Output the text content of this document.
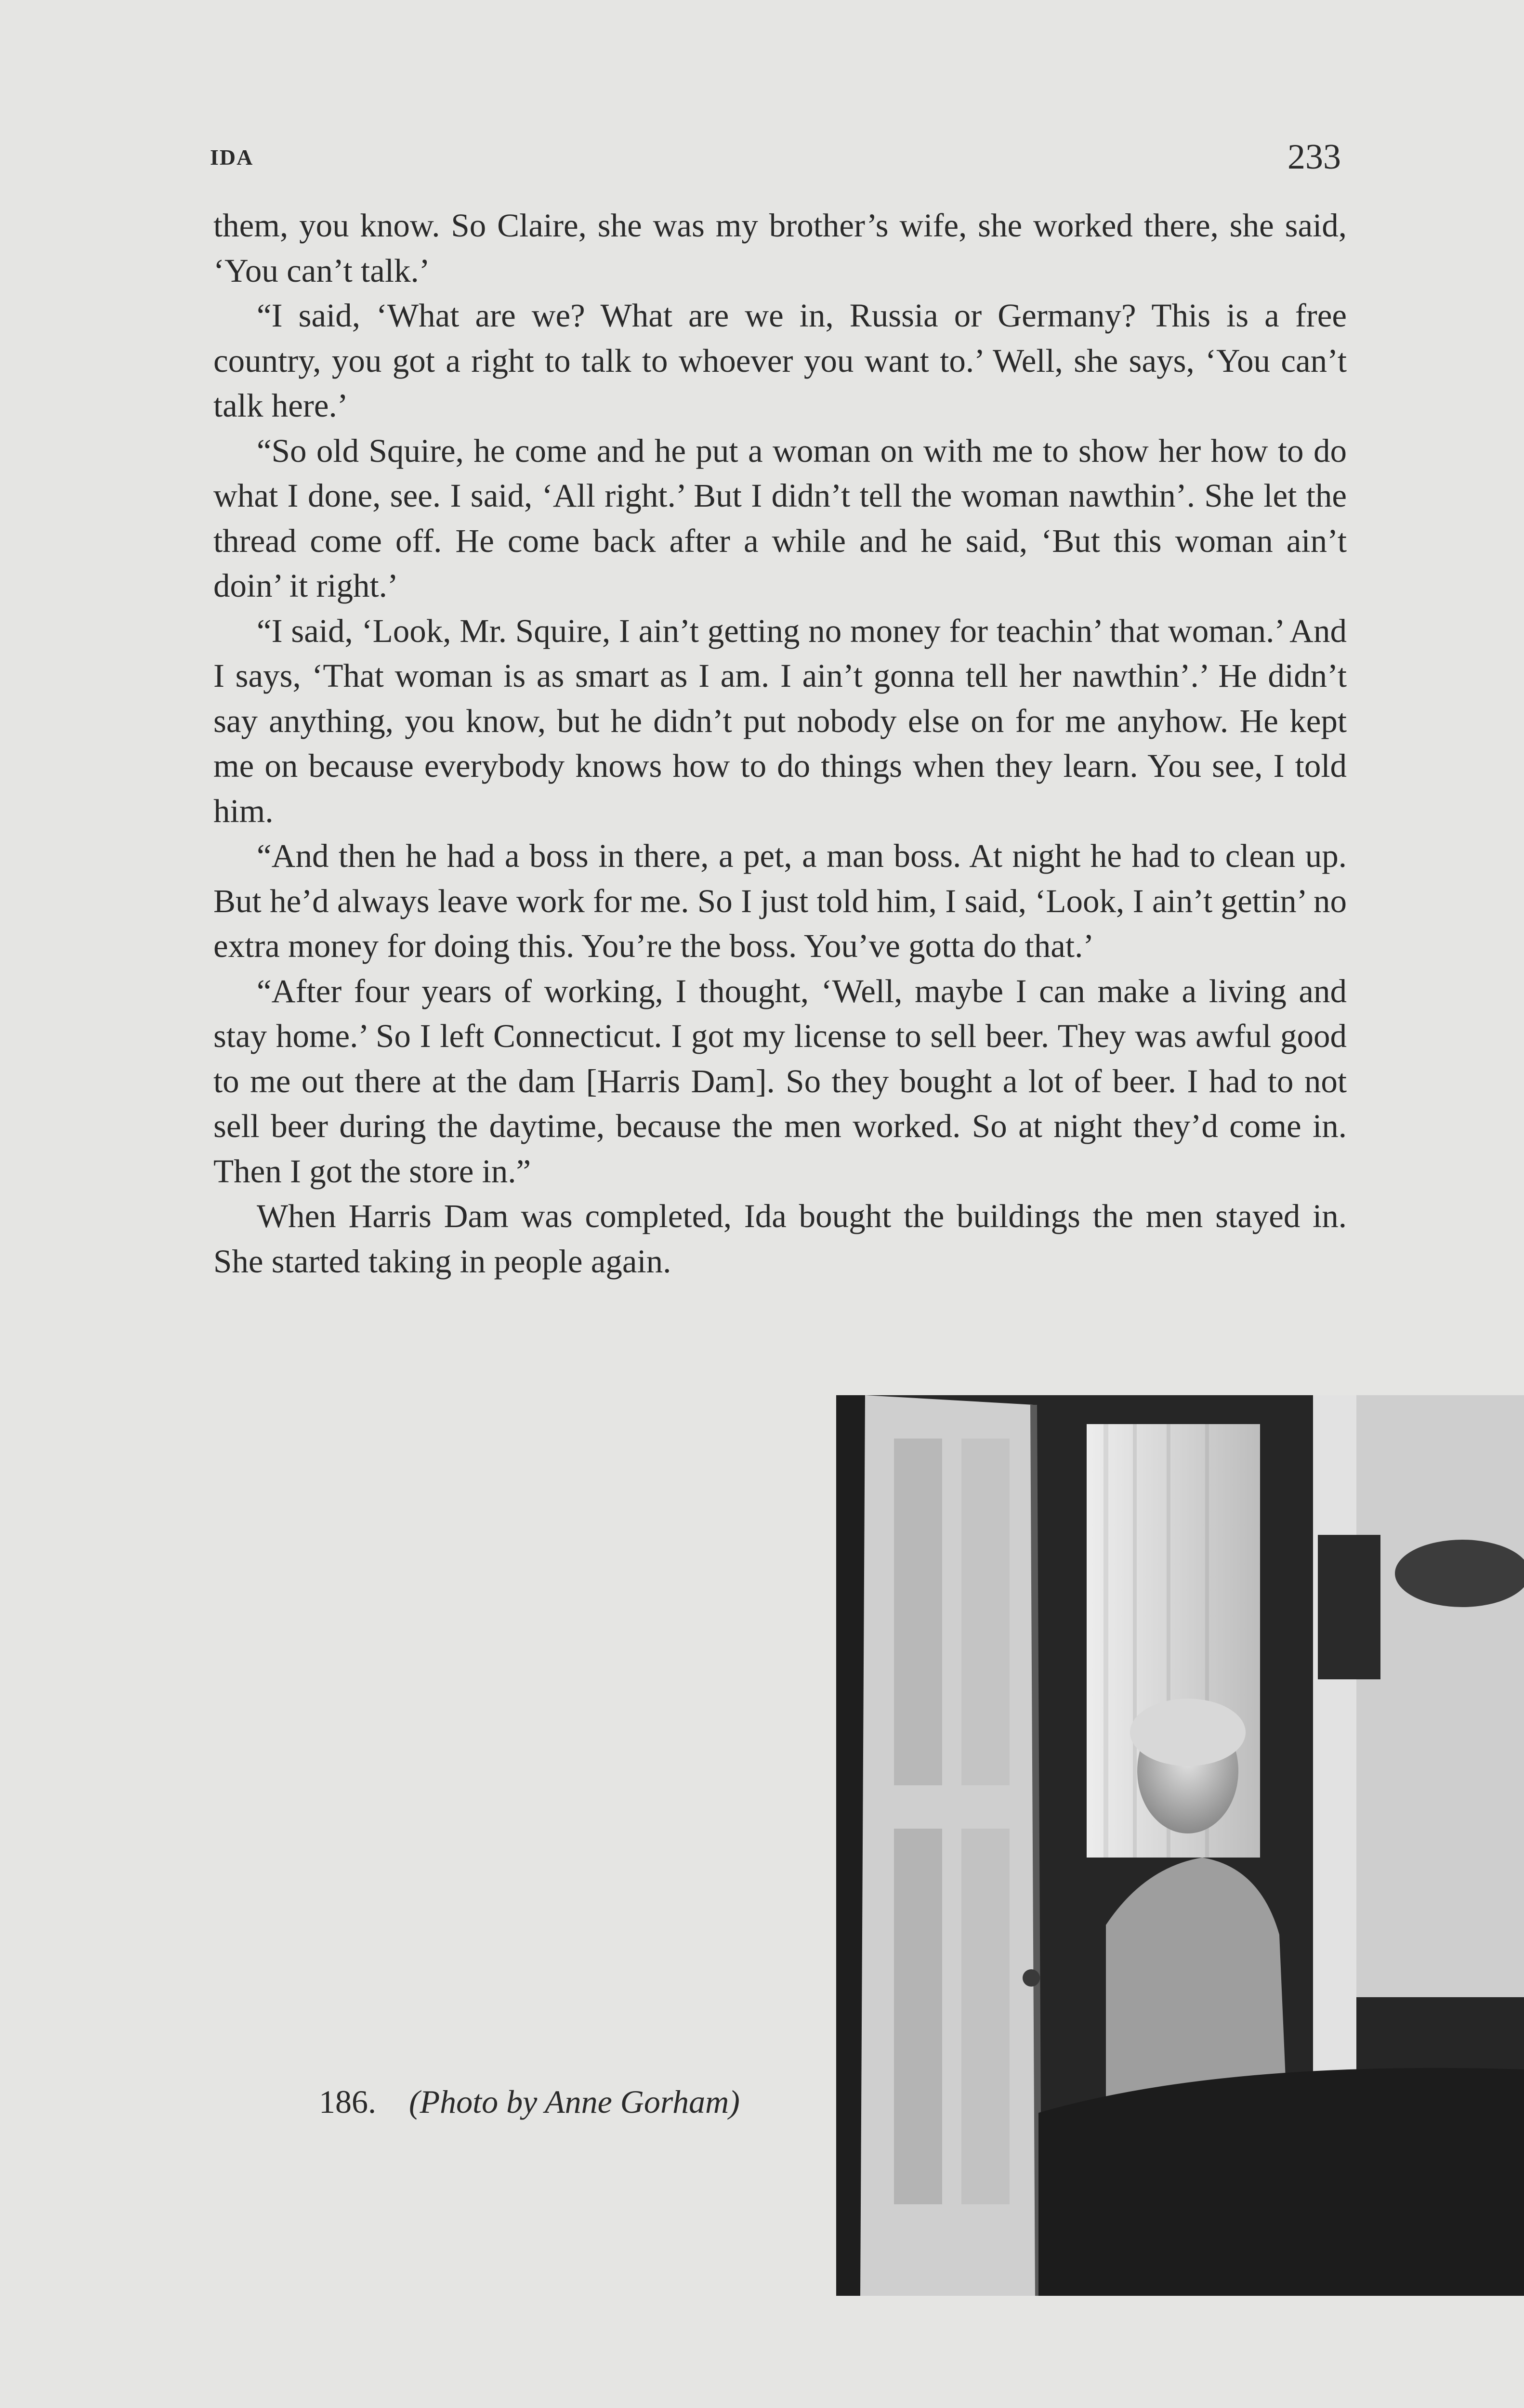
IDA	233

them, you know. So Claire, she was my brother’s wife, she worked there, she said, ‘You can’t talk.’

“I said, ‘What are we? What are we in, Russia or Germany? This is a free country, you got a right to talk to whoever you want to.’ Well, she says, ‘You can’t talk here.’

“So old Squire, he come and he put a woman on with me to show her how to do what I done, see. I said, ‘All right.’ But I didn’t tell the woman nawthin’. She let the thread come off. He come back after a while and he said, ‘But this woman ain’t doin’ it right.’

“I said, ‘Look, Mr. Squire, I ain’t getting no money for teachin’ that woman.’ And I says, ‘That woman is as smart as I am. I ain’t gonna tell her nawthin’.’ He didn’t say anything, you know, but he didn’t put nobody else on for me anyhow. He kept me on because everybody knows how to do things when they learn. You see, I told him.

“And then he had a boss in there, a pet, a man boss. At night he had to clean up. But he’d always leave work for me. So I just told him, I said, ‘Look, I ain’t gettin’ no extra money for doing this. You’re the boss. You’ve gotta do that.’

“After four years of working, I thought, ‘Well, maybe I can make a living and stay home.’ So I left Connecticut. I got my license to sell beer. They was awful good to me out there at the dam [Harris Dam]. So they bought a lot of beer. I had to not sell beer during the daytime, because the men worked. So at night they’d come in. Then I got the store in.”

When Harris Dam was completed, Ida bought the buildings the men stayed in. She started taking in people again.

186. (Photo by Anne Gorham)
